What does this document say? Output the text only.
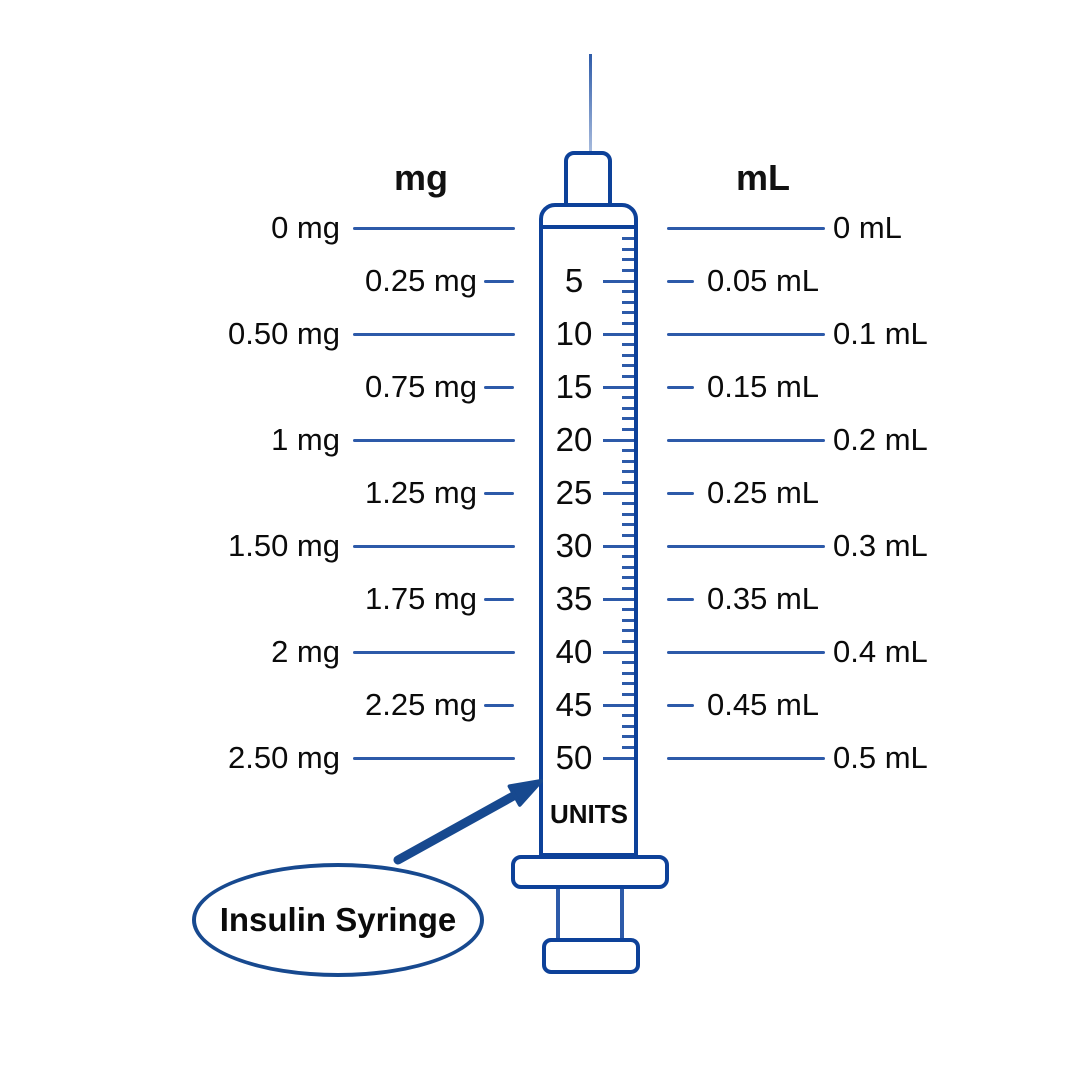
mg	mL
0 mg	0 mL
0.25 mg	0.05 mL
0.50 mg	0.1 mL
0.75 mg	0.15 mL
1 mg	0.2 mL
1.25 mg	0.25 mL
1.50 mg	0.3 mL
1.75 mg	0.35 mL
2 mg	0.4 mL
2.25 mg	0.45 mL
2.50 mg	0.5 mL
5
10
15
20
25
30
35
40
45
50
UNITS
Insulin Syringe
